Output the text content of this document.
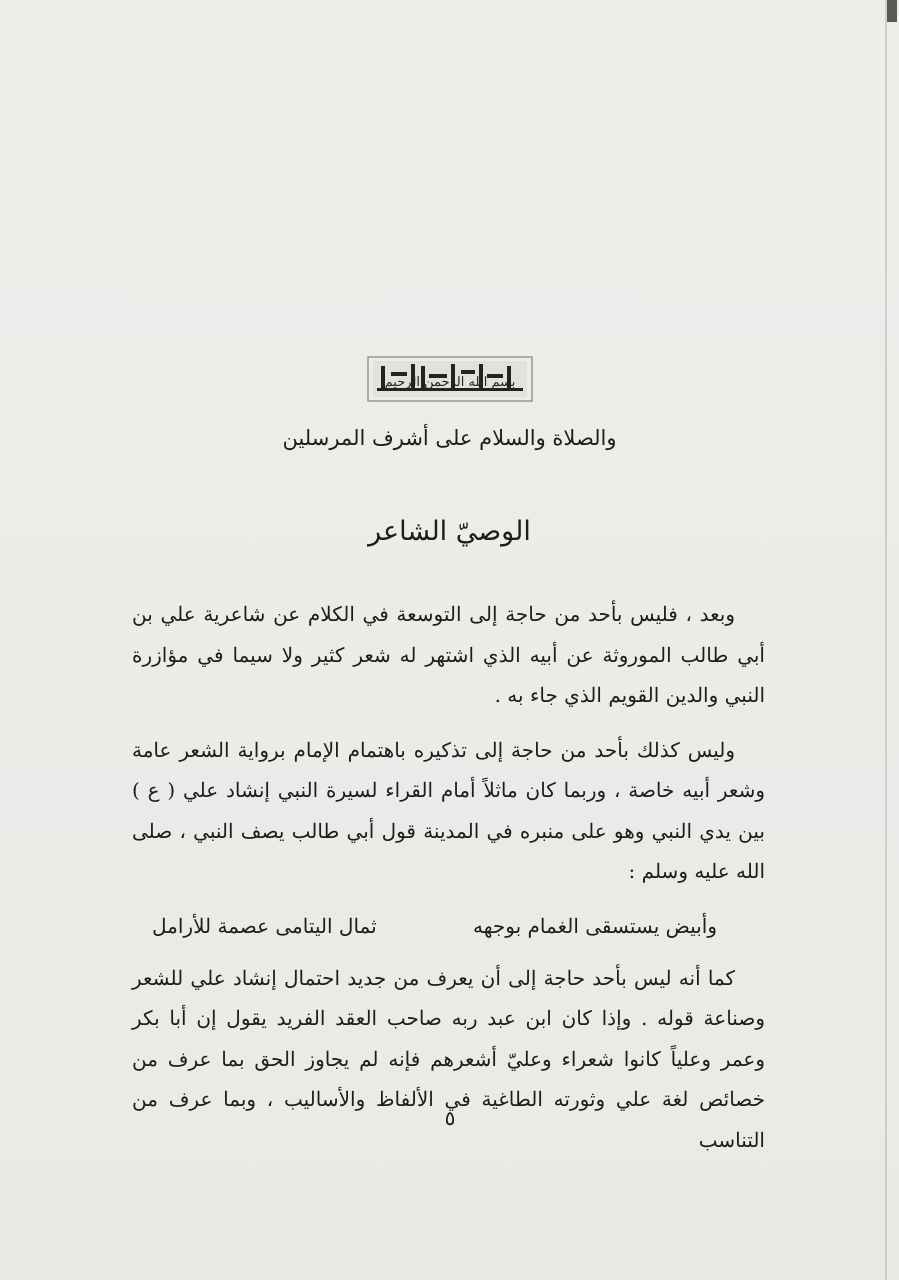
بسم الله الرحمن الرحيم
والصلاة والسلام على أشرف المرسلين
الوصيّ الشاعر

وبعد ، فليس بأحد من حاجة إلى التوسعة في الكلام عن شاعرية علي بن أبي طالب الموروثة عن أبيه الذي اشتهر له شعر كثير ولا سيما في مؤازرة النبي والدين القويم الذي جاء به .

وليس كذلك بأحد من حاجة إلى تذكيره باهتمام الإمام برواية الشعر عامة وشعر أبيه خاصة ، وربما كان ماثلاً أمام القراء لسيرة النبي إنشاد علي ( ع ) بين يدي النبي وهو على منبره في المدينة قول أبي طالب يصف النبي ، صلى الله عليه وسلم :

وأبيض يستسقى الغمام بوجهه
ثمال اليتامى عصمة للأرامل

كما أنه ليس بأحد حاجة إلى أن يعرف من جديد احتمال إنشاد علي للشعر وصناعة قوله . وإذا كان ابن عبد ربه صاحب العقد الفريد يقول إن أبا بكر وعمر وعلياً كانوا شعراء وعليّ أشعرهم فإنه لم يجاوز الحق بما عرف من خصائص لغة علي وثورته الطاغية في الألفاظ والأساليب ، وبما عرف من التناسب

٥
